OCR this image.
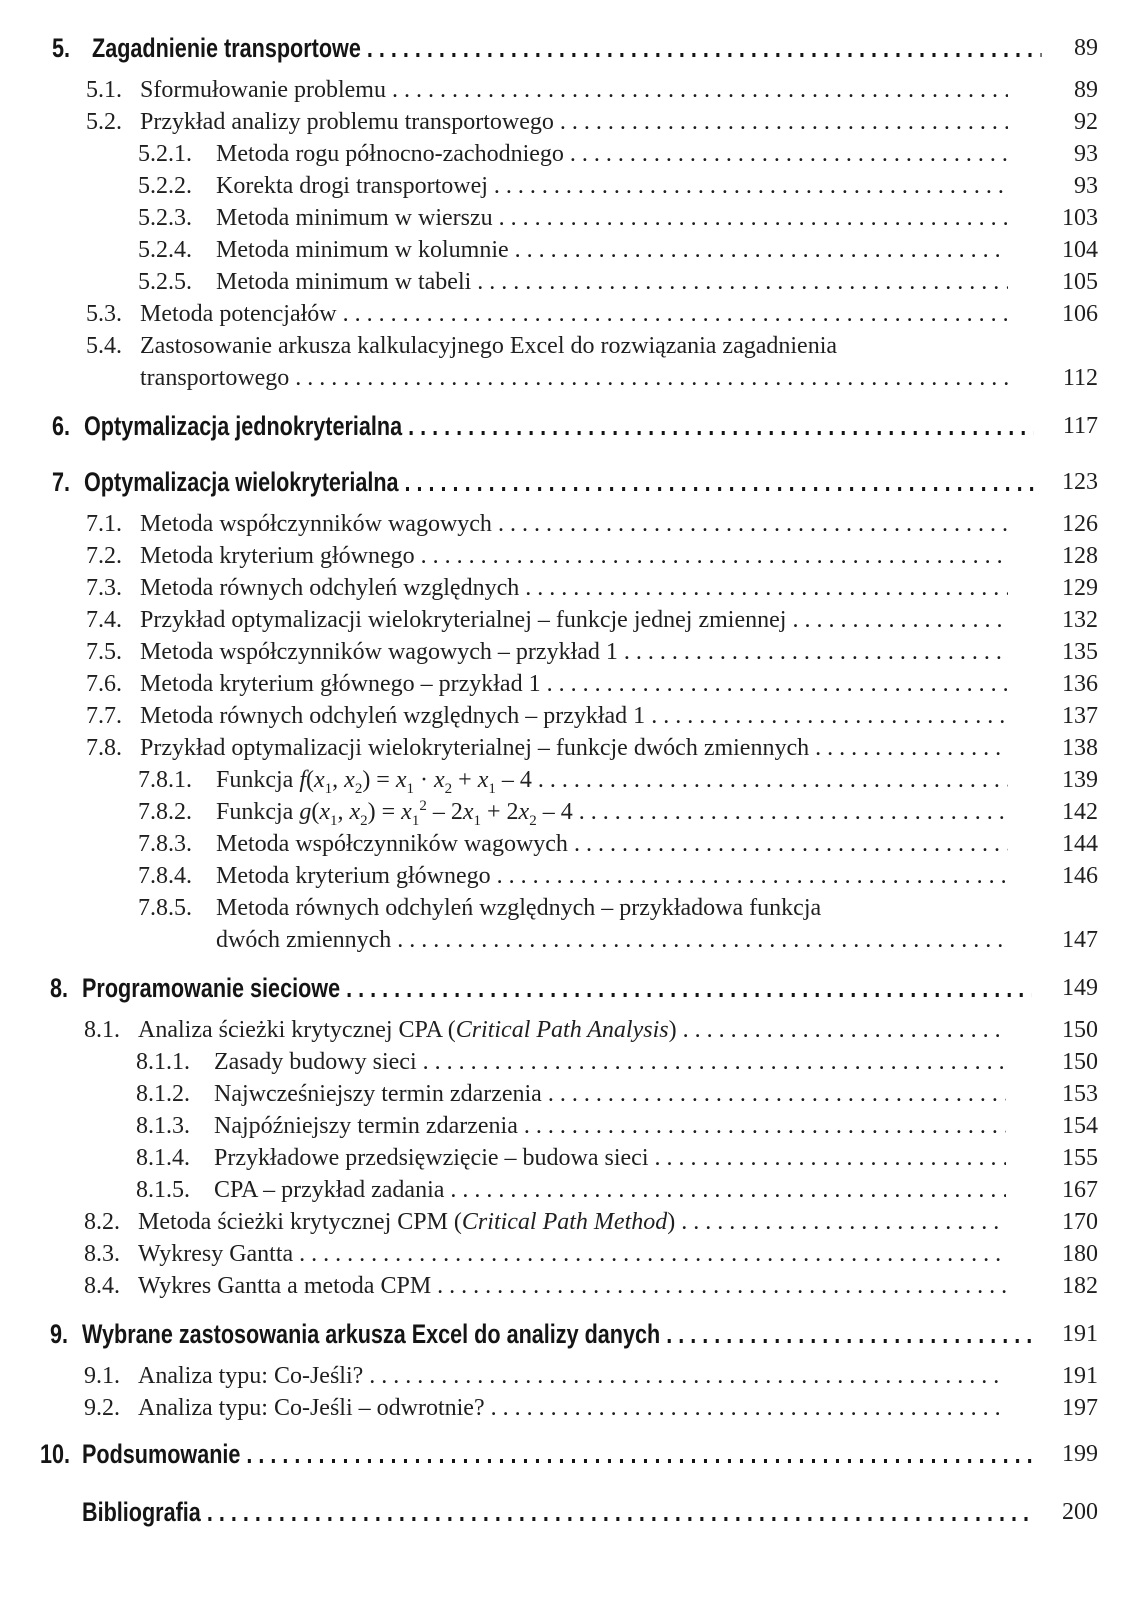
5. Zagadnienie transportowe . . .	89
5.1. Sformułowanie problemu . . .	89
5.2. Przykład analizy problemu transportowego . . .	92
5.2.1. Metoda rogu północno-zachodniego . . .	93
5.2.2. Korekta drogi transportowej . . .	93
5.2.3. Metoda minimum w wierszu . . .	103
5.2.4. Metoda minimum w kolumnie . . .	104
5.2.5. Metoda minimum w tabeli . . .	105
5.3. Metoda potencjałów . . .	106
5.4. Zastosowanie arkusza kalkulacyjnego Excel do rozwiązania zagadnienia
transportowego . . .	112
6. Optymalizacja jednokryterialna . . .	117
7. Optymalizacja wielokryterialna . . .	123
7.1. Metoda współczynników wagowych . . .	126
7.2. Metoda kryterium głównego . . .	128
7.3. Metoda równych odchyleń względnych . . .	129
7.4. Przykład optymalizacji wielokryterialnej – funkcje jednej zmiennej . . .	132
7.5. Metoda współczynników wagowych – przykład 1 . . .	135
7.6. Metoda kryterium głównego – przykład 1 . . .	136
7.7. Metoda równych odchyleń względnych – przykład 1 . . .	137
7.8. Przykład optymalizacji wielokryterialnej – funkcje dwóch zmiennych . . .	138
7.8.1. Funkcja $f(x_1$, $x_2) = x_1 \cdot x_2 + x_1 - 4$ . . .	139
7.8.2. Funkcja $g(x_1$, $x_2) = x_1^2 - 2x_1 + 2x_2 - 4$ . . .	142
7.8.3. Metoda współczynników wagowych . . .	144
7.8.4. Metoda kryterium głównego . . .	146
7.8.5. Metoda równych odchyleń względnych – przykładowa funkcja
dwóch zmiennych . . .	147
8. Programowanie sieciowe . . .	149
8.1. Analiza ścieżki krytycznej CPA (Critical Path Analysis) . . .	150
8.1.1. Zasady budowy sieci . . .	150
8.1.2. Najwcześniejszy termin zdarzenia . . .	153
8.1.3. Najpóźniejszy termin zdarzenia . . .	154
8.1.4. Przykładowe przedsięwzięcie – budowa sieci . . .	155
8.1.5. CPA – przykład zadania . . .	167
8.2. Metoda ścieżki krytycznej CPM (Critical Path Method) . . .	170
8.3. Wykresy Gantta . . .	180
8.4. Wykres Gantta a metoda CPM . . .	182
9. Wybrane zastosowania arkusza Excel do analizy danych . . .	191
9.1. Analiza typu: Co-Jeśli? . . .	191
9.2. Analiza typu: Co-Jeśli – odwrotnie? . . .	197
10. Podsumowanie . . .	199
Bibliografia . . .	200
